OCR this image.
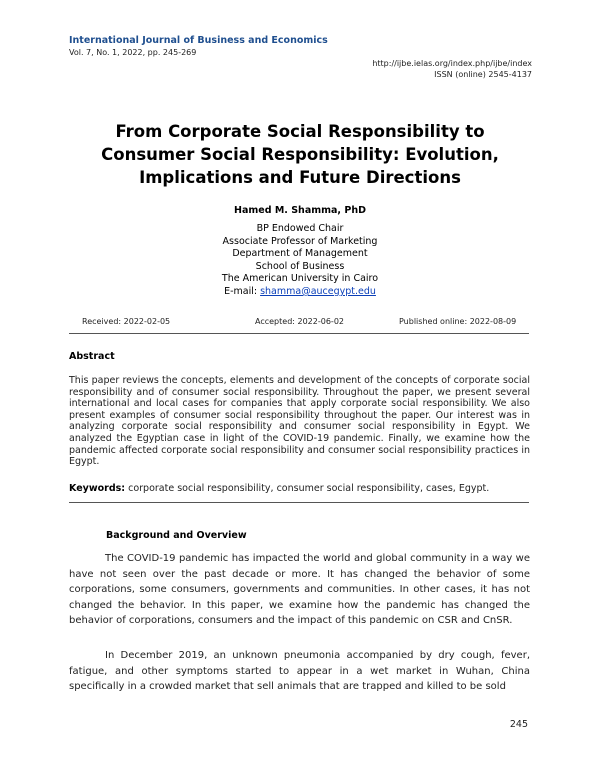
International Journal of Business and Economics
Vol. 7, No. 1, 2022, pp. 245-269
http://ijbe.ielas.org/index.php/ijbe/index
ISSN (online) 2545-4137
From Corporate Social Responsibility to
Consumer Social Responsibility: Evolution,
Implications and Future Directions
Hamed M. Shamma, PhD
BP Endowed Chair
Associate Professor of Marketing
Department of Management
School of Business
The American University in Cairo
E-mail: shamma@aucegypt.edu
Received: 2022-02-05	Accepted: 2022-06-02	Published online: 2022-08-09
Abstract
This paper reviews the concepts, elements and development of the concepts of corporate social responsibility and of consumer social responsibility. Throughout the paper, we present several international and local cases for companies that apply corporate social responsibility. We also present examples of consumer social responsibility throughout the paper. Our interest was in analyzing corporate social responsibility and consumer social responsibility in Egypt. We analyzed the Egyptian case in light of the COVID-19 pandemic. Finally, we examine how the pandemic affected corporate social responsibility and consumer social responsibility practices in Egypt.
Keywords: corporate social responsibility, consumer social responsibility, cases, Egypt.
Background and Overview
The COVID-19 pandemic has impacted the world and global community in a way we have not seen over the past decade or more. It has changed the behavior of some corporations, some consumers, governments and communities. In other cases, it has not changed the behavior. In this paper, we examine how the pandemic has changed the behavior of corporations, consumers and the impact of this pandemic on CSR and CnSR.
In December 2019, an unknown pneumonia accompanied by dry cough, fever, fatigue, and other symptoms started to appear in a wet market in Wuhan, China specifically in a crowded market that sell animals that are trapped and killed to be sold
245
